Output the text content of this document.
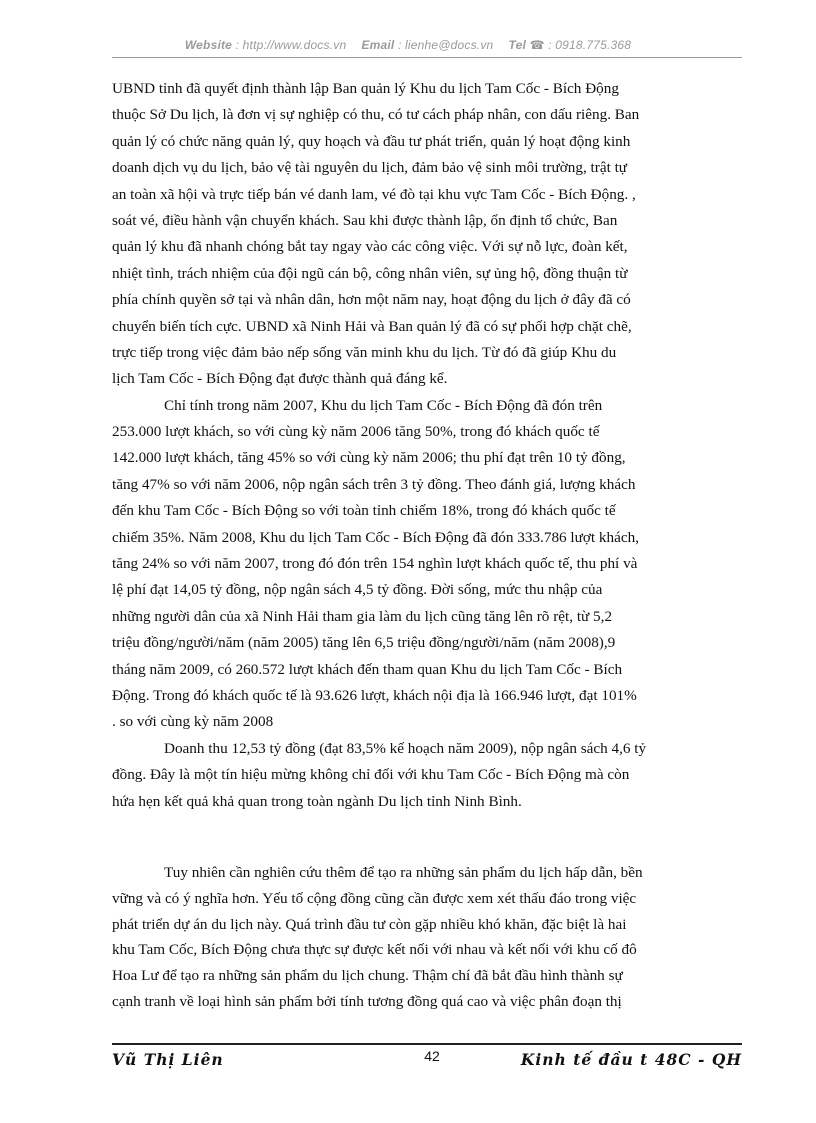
Website : http://www.docs.vn Email : lienhe@docs.vn Tel ☎ : 0918.775.368
UBND tỉnh đã quyết định thành lập Ban quản lý Khu du lịch Tam Cốc - Bích Động
thuộc Sở Du lịch, là đơn vị sự nghiệp có thu, có tư cách pháp nhân, con dấu riêng. Ban
quản lý có chức năng quản lý, quy hoạch và đầu tư phát triển, quản lý hoạt động kinh
doanh dịch vụ du lịch, bảo vệ tài nguyên du lịch, đảm bảo vệ sinh môi trường, trật tự
an toàn xã hội và trực tiếp bán vé danh lam, vé đò tại khu vực Tam Cốc - Bích Động. ,
soát vé, điều hành vận chuyển khách. Sau khi được thành lập, ổn định tổ chức, Ban
quản lý khu đã nhanh chóng bắt tay ngay vào các công việc. Với sự nỗ lực, đoàn kết,
nhiệt tình, trách nhiệm của đội ngũ cán bộ, công nhân viên, sự ủng hộ, đồng thuận từ
phía chính quyền sở tại và nhân dân, hơn một năm nay, hoạt động du lịch ở đây đã có
chuyển biến tích cực. UBND xã Ninh Hải và Ban quản lý đã có sự phối hợp chặt chẽ,
trực tiếp trong việc đảm bảo nếp sống văn minh khu du lịch. Từ đó đã giúp Khu du
lịch Tam Cốc - Bích Động đạt được thành quả đáng kể.
Chỉ tính trong năm 2007, Khu du lịch Tam Cốc - Bích Động đã đón trên
253.000 lượt khách, so với cùng kỳ năm 2006 tăng 50%, trong đó khách quốc tế
142.000 lượt khách, tăng 45% so với cùng kỳ năm 2006; thu phí đạt trên 10 tỷ đồng,
tăng 47% so với năm 2006, nộp ngân sách trên 3 tỷ đồng. Theo đánh giá, lượng khách
đến khu Tam Cốc - Bích Động so với toàn tỉnh chiếm 18%, trong đó khách quốc tế
chiếm 35%. Năm 2008, Khu du lịch Tam Cốc - Bích Động đã đón 333.786 lượt khách,
tăng 24% so với năm 2007, trong đó đón trên 154 nghìn lượt khách quốc tế, thu phí và
lệ phí đạt 14,05 tỷ đồng, nộp ngân sách 4,5 tỷ đồng. Đời sống, mức thu nhập của
những người dân của xã Ninh Hải tham gia làm du lịch cũng tăng lên rõ rệt, từ 5,2
triệu đồng/người/năm (năm 2005) tăng lên 6,5 triệu đồng/người/năm (năm 2008),9
tháng năm 2009, có 260.572 lượt khách đến tham quan Khu du lịch Tam Cốc - Bích
Động. Trong đó khách quốc tế là 93.626 lượt, khách nội địa là 166.946 lượt, đạt 101%
. so với cùng kỳ năm 2008
Doanh thu 12,53 tỷ đồng (đạt 83,5% kế hoạch năm 2009), nộp ngân sách 4,6 tỷ
đồng. Đây là một tín hiệu mừng không chỉ đối với khu Tam Cốc - Bích Động mà còn
hứa hẹn kết quả khả quan trong toàn ngành Du lịch tỉnh Ninh Bình.
Tuy nhiên cần nghiên cứu thêm để tạo ra những sản phẩm du lịch hấp dẫn, bền
vững và có ý nghĩa hơn. Yếu tố cộng đồng cũng cần được xem xét thấu đáo trong việc
phát triển dự án du lịch này. Quá trình đầu tư còn gặp nhiều khó khăn, đặc biệt là hai
khu Tam Cốc, Bích Động chưa thực sự được kết nối với nhau và kết nối với khu cố đô
Hoa Lư để tạo ra những sản phẩm du lịch chung. Thậm chí đã bắt đầu hình thành sự
cạnh tranh về loại hình sản phẩm bởi tính tương đồng quá cao và việc phân đoạn thị
Vũ Thị Liên	42	Kinh tế đầu t 48C - QH
